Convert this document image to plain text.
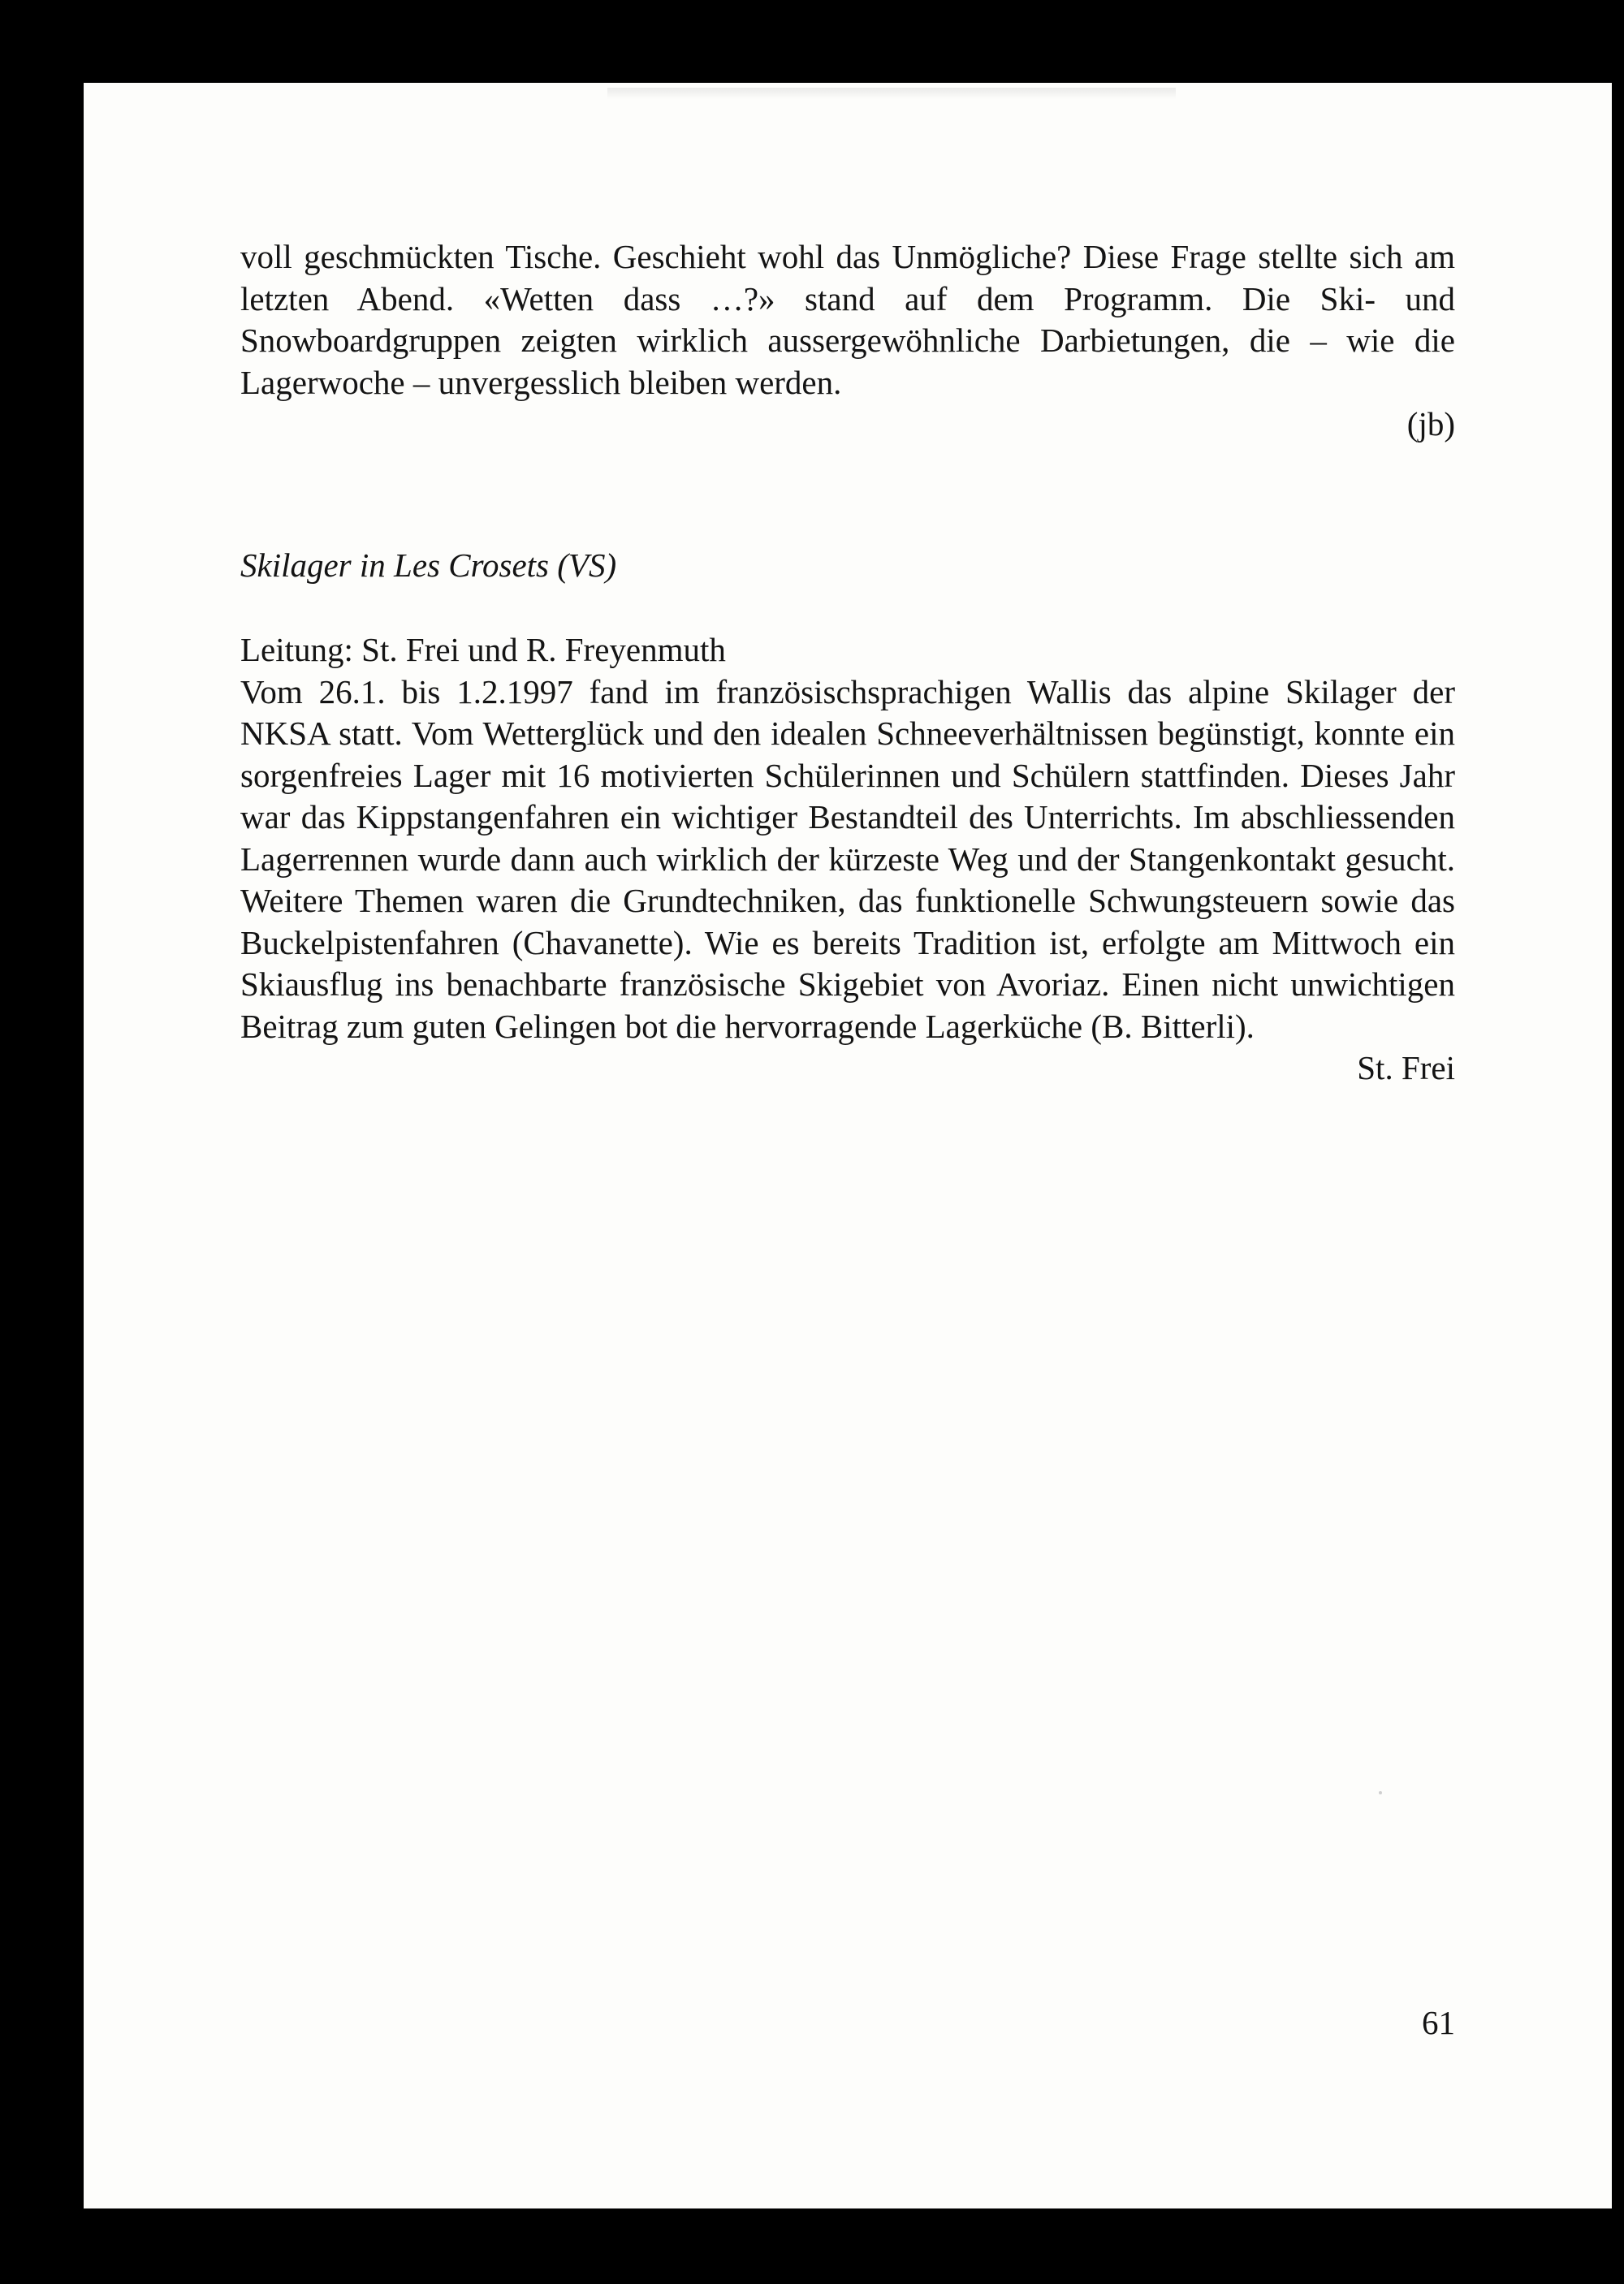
voll geschmückten Tische. Geschieht wohl das Unmögliche? Diese Frage stellte sich am letzten Abend. «Wetten dass …?» stand auf dem Programm. Die Ski- und Snowboardgruppen zeigten wirklich aussergewöhnliche Darbietungen, die – wie die Lagerwoche – unvergesslich bleiben werden.

(jb)

Skilager in Les Crosets (VS)

Leitung: St. Frei und R. Freyenmuth

Vom 26.1. bis 1.2.1997 fand im französischsprachigen Wallis das alpine Skilager der NKSA statt. Vom Wetterglück und den idealen Schneeverhältnissen begünstigt, konnte ein sorgenfreies Lager mit 16 motivierten Schülerinnen und Schülern stattfinden. Dieses Jahr war das Kippstangenfahren ein wichtiger Bestandteil des Unterrichts. Im abschliessenden Lagerrennen wurde dann auch wirklich der kürzeste Weg und der Stangenkontakt gesucht. Weitere Themen waren die Grundtechniken, das funktionelle Schwungsteuern sowie das Buckelpistenfahren (Chavanette). Wie es bereits Tradition ist, erfolgte am Mittwoch ein Skiausflug ins benachbarte französische Skigebiet von Avoriaz. Einen nicht unwichtigen Beitrag zum guten Gelingen bot die hervorragende Lagerküche (B. Bitterli).

St. Frei

61
